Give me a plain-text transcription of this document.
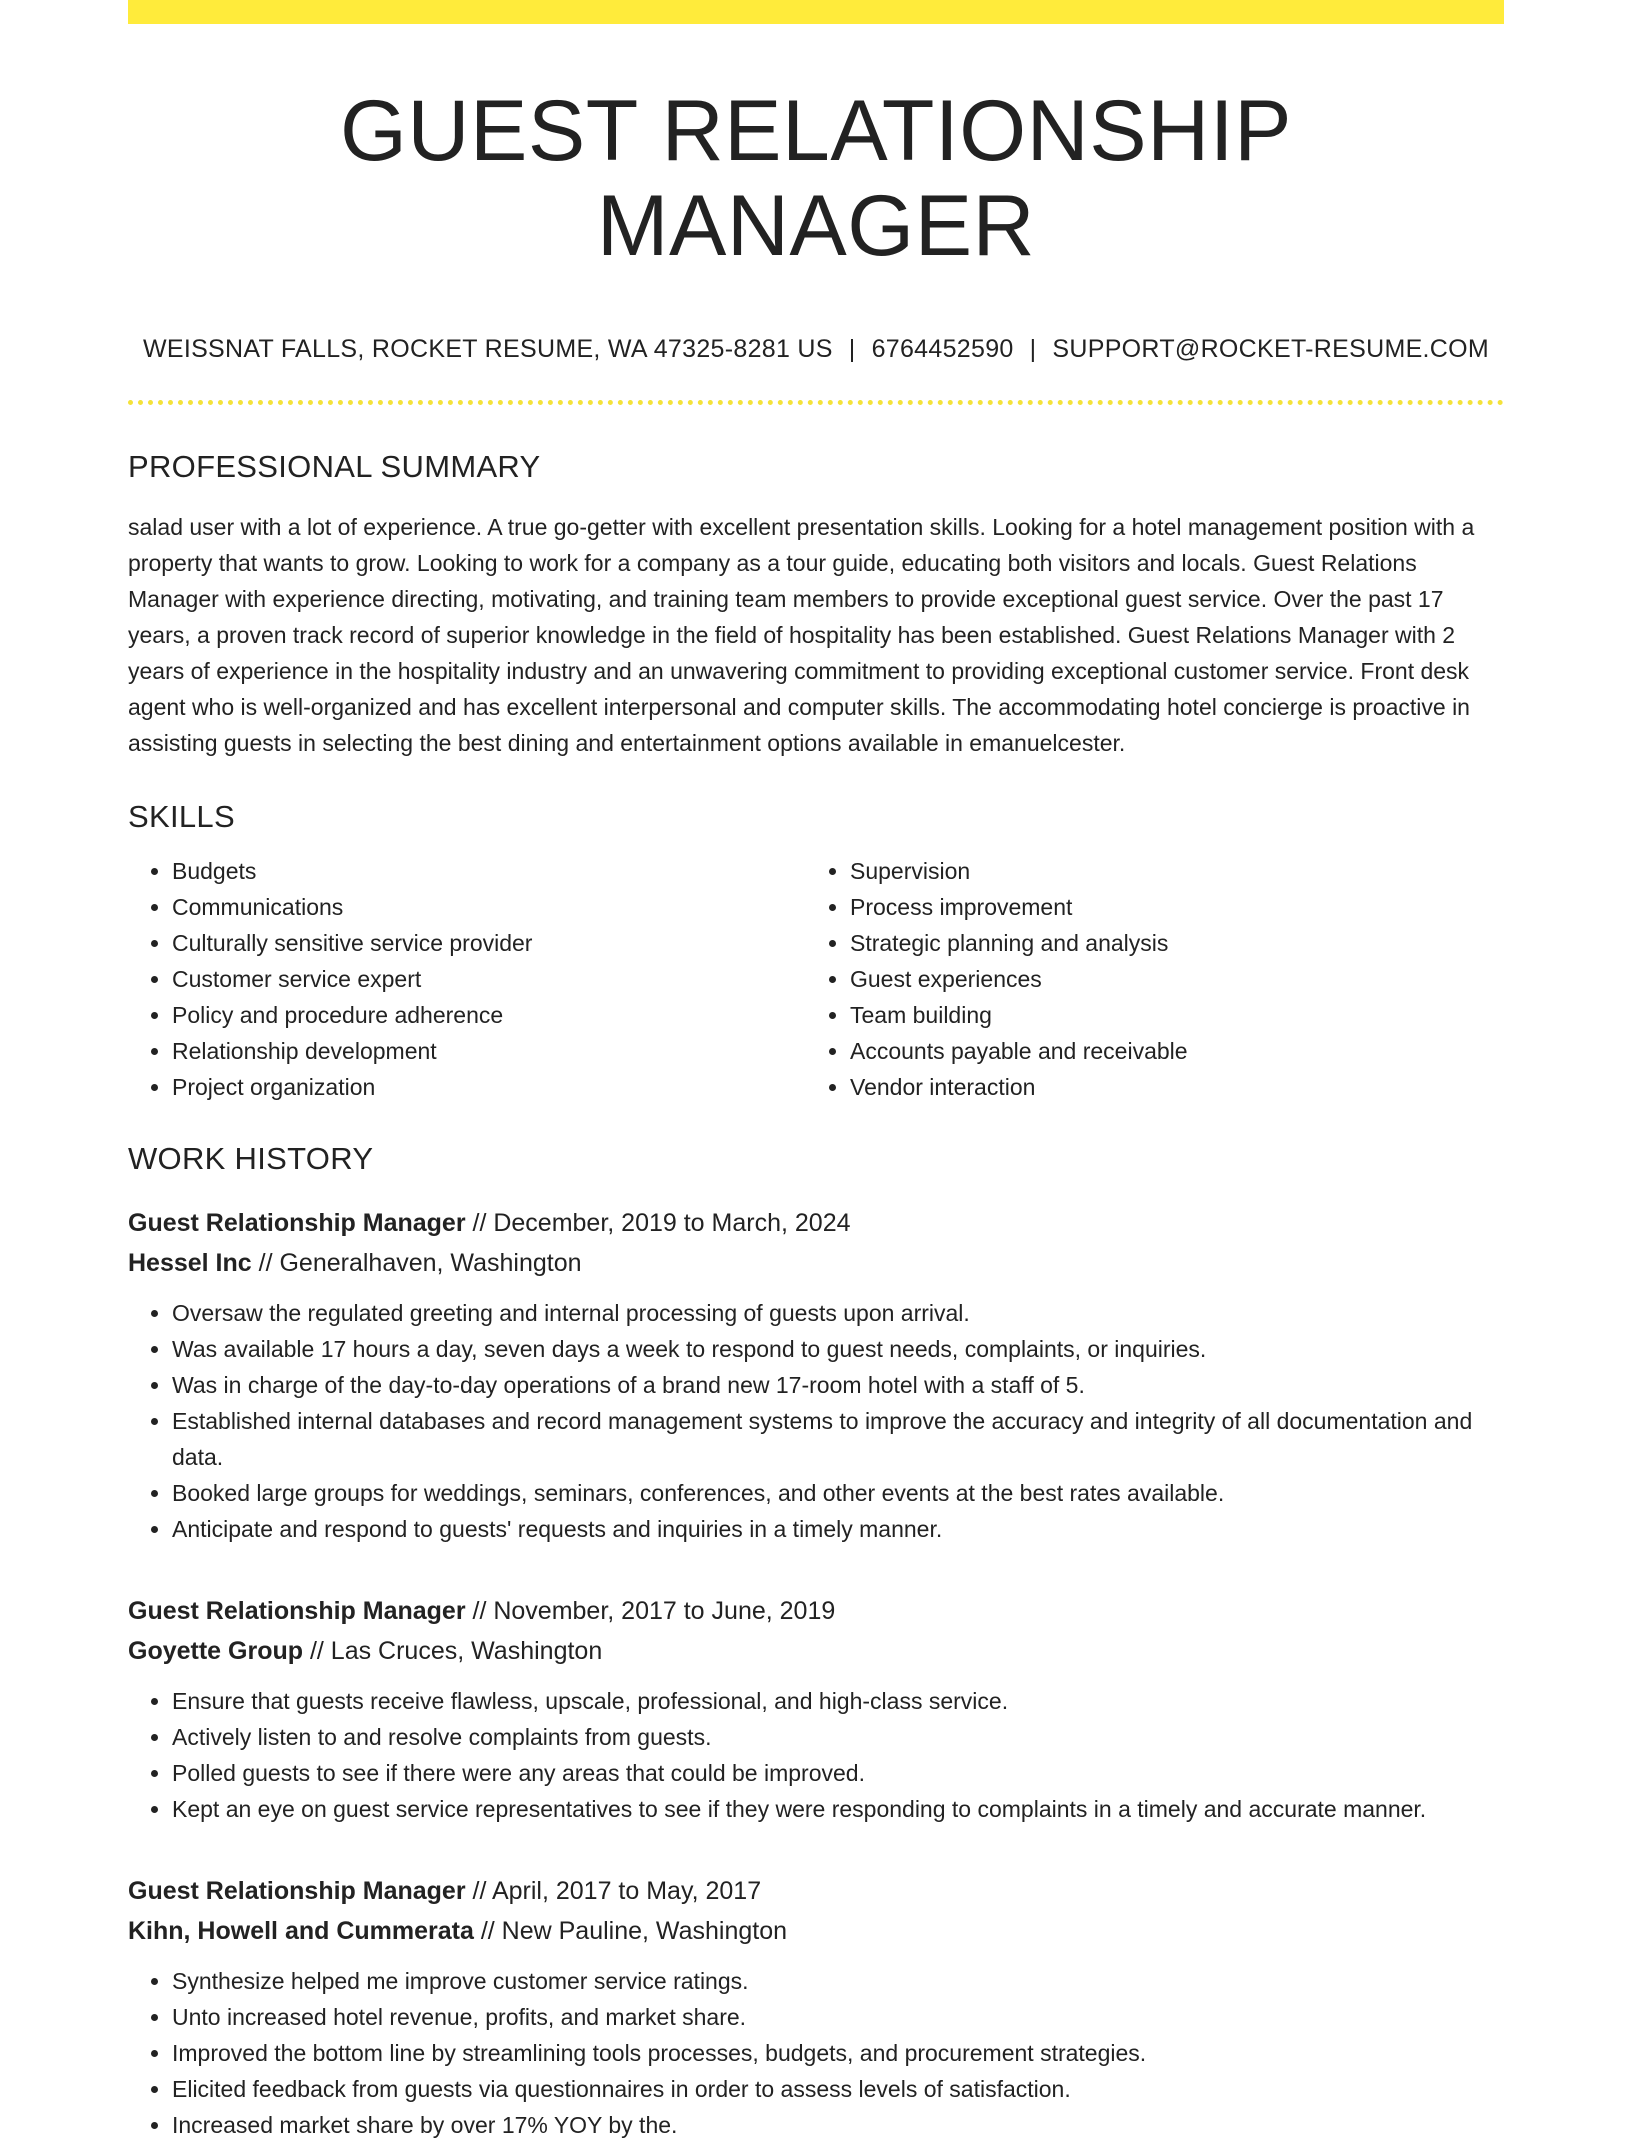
GUEST RELATIONSHIP MANAGER
WEISSNAT FALLS, ROCKET RESUME, WA 47325-8281 US | 6764452590 | SUPPORT@ROCKET-RESUME.COM
PROFESSIONAL SUMMARY
salad user with a lot of experience. A true go-getter with excellent presentation skills. Looking for a hotel management position with a property that wants to grow. Looking to work for a company as a tour guide, educating both visitors and locals. Guest Relations Manager with experience directing, motivating, and training team members to provide exceptional guest service. Over the past 17 years, a proven track record of superior knowledge in the field of hospitality has been established. Guest Relations Manager with 2 years of experience in the hospitality industry and an unwavering commitment to providing exceptional customer service. Front desk agent who is well-organized and has excellent interpersonal and computer skills. The accommodating hotel concierge is proactive in assisting guests in selecting the best dining and entertainment options available in emanuelcester.
SKILLS
• Budgets
• Communications
• Culturally sensitive service provider
• Customer service expert
• Policy and procedure adherence
• Relationship development
• Project organization
• Supervision
• Process improvement
• Strategic planning and analysis
• Guest experiences
• Team building
• Accounts payable and receivable
• Vendor interaction
WORK HISTORY
Guest Relationship Manager // December, 2019 to March, 2024
Hessel Inc // Generalhaven, Washington
• Oversaw the regulated greeting and internal processing of guests upon arrival.
• Was available 17 hours a day, seven days a week to respond to guest needs, complaints, or inquiries.
• Was in charge of the day-to-day operations of a brand new 17-room hotel with a staff of 5.
• Established internal databases and record management systems to improve the accuracy and integrity of all documentation and data.
• Booked large groups for weddings, seminars, conferences, and other events at the best rates available.
• Anticipate and respond to guests' requests and inquiries in a timely manner.
Guest Relationship Manager // November, 2017 to June, 2019
Goyette Group // Las Cruces, Washington
• Ensure that guests receive flawless, upscale, professional, and high-class service.
• Actively listen to and resolve complaints from guests.
• Polled guests to see if there were any areas that could be improved.
• Kept an eye on guest service representatives to see if they were responding to complaints in a timely and accurate manner.
Guest Relationship Manager // April, 2017 to May, 2017
Kihn, Howell and Cummerata // New Pauline, Washington
• Synthesize helped me improve customer service ratings.
• Unto increased hotel revenue, profits, and market share.
• Improved the bottom line by streamlining tools processes, budgets, and procurement strategies.
• Elicited feedback from guests via questionnaires in order to assess levels of satisfaction.
• Increased market share by over 17% YOY by the.
